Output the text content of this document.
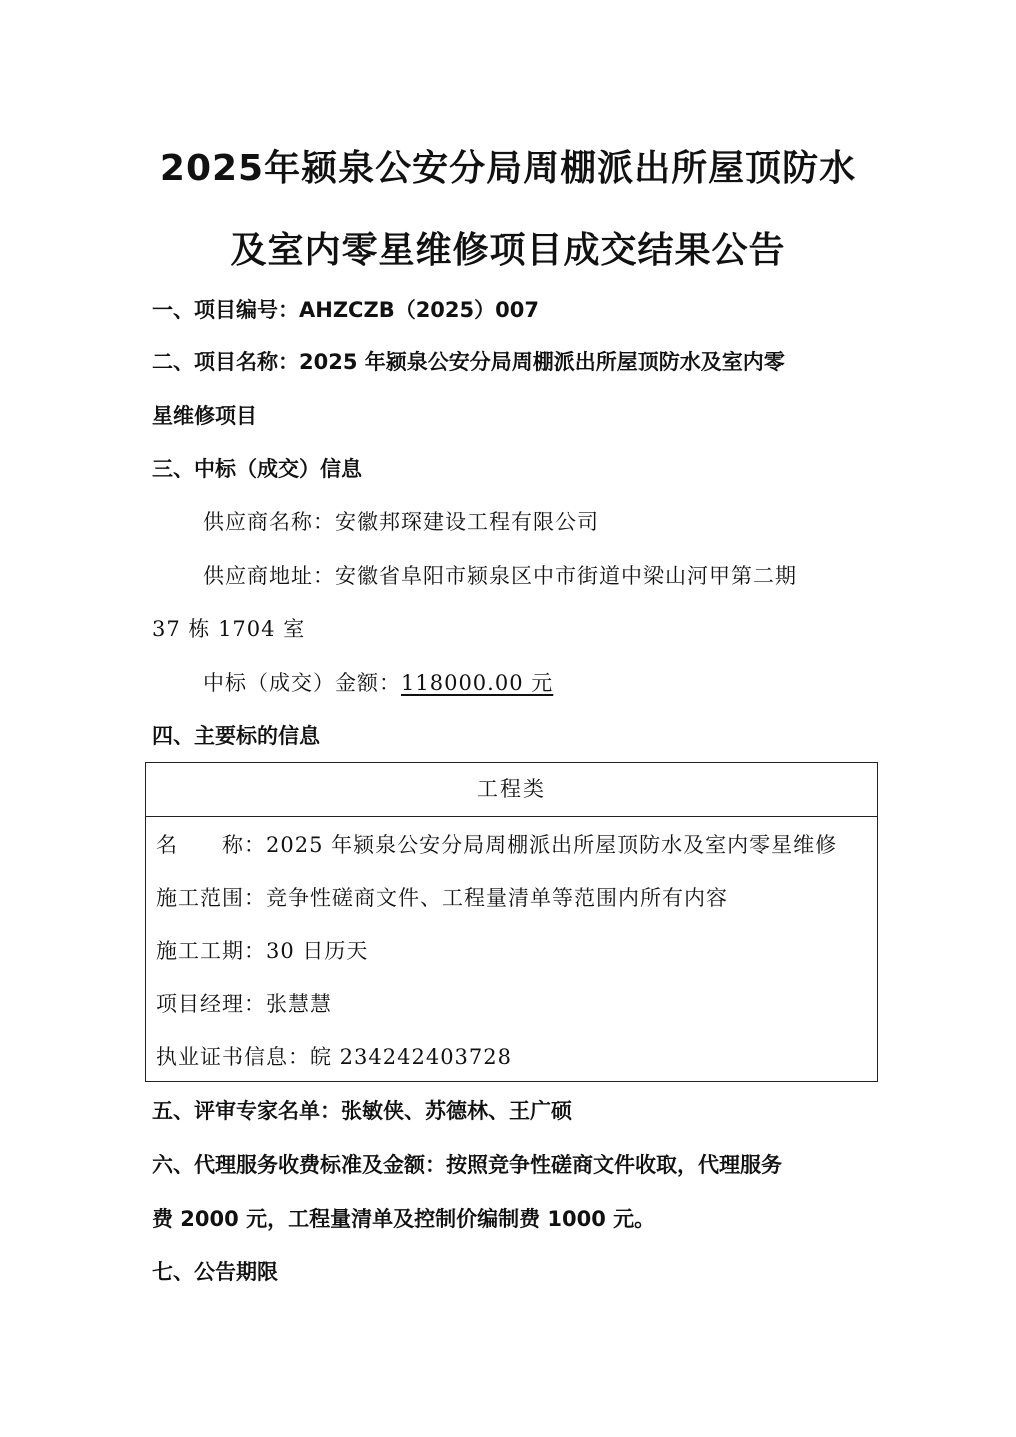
2025年颍泉公安分局周棚派出所屋顶防水
及室内零星维修项目成交结果公告
一、项目编号：AHZCZB（2025）007
二、项目名称：2025 年颍泉公安分局周棚派出所屋顶防水及室内零
星维修项目
三、中标（成交）信息
供应商名称：安徽邦琛建设工程有限公司
供应商地址：安徽省阜阳市颍泉区中市街道中梁山河甲第二期
37 栋 1704 室
中标（成交）金额：118000.00 元
四、主要标的信息
工程类
名　　称：2025 年颍泉公安分局周棚派出所屋顶防水及室内零星维修
施工范围：竞争性磋商文件、工程量清单等范围内所有内容
施工工期：30 日历天
项目经理：张慧慧
执业证书信息：皖 234242403728
五、评审专家名单：张敏侠、苏德林、王广硕
六、代理服务收费标准及金额：按照竞争性磋商文件收取，代理服务
费 2000 元，工程量清单及控制价编制费 1000 元。
七、公告期限
